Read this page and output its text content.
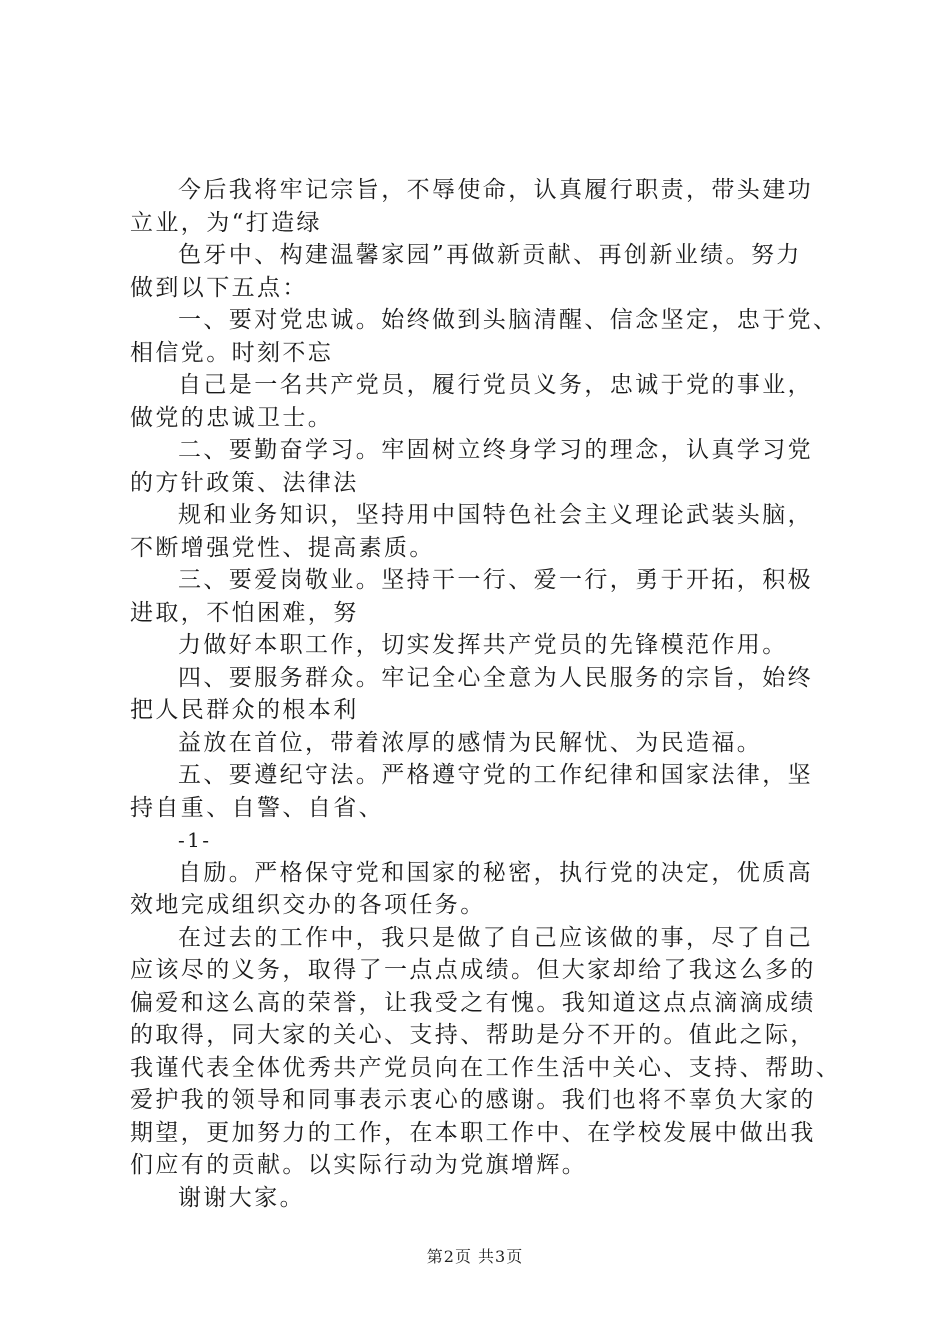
今后我将牢记宗旨，不辱使命，认真履行职责，带头建功

立业，为“打造绿

色牙中、构建温馨家园”再做新贡献、再创新业绩。努力

做到以下五点：

一、要对党忠诚。始终做到头脑清醒、信念坚定，忠于党、

相信党。时刻不忘

自己是一名共产党员，履行党员义务，忠诚于党的事业，

做党的忠诚卫士。

二、要勤奋学习。牢固树立终身学习的理念，认真学习党

的方针政策、法律法

规和业务知识，坚持用中国特色社会主义理论武装头脑，

不断增强党性、提高素质。

三、要爱岗敬业。坚持干一行、爱一行，勇于开拓，积极

进取，不怕困难，努

力做好本职工作，切实发挥共产党员的先锋模范作用。

四、要服务群众。牢记全心全意为人民服务的宗旨，始终

把人民群众的根本利

益放在首位，带着浓厚的感情为民解忧、为民造福。

五、要遵纪守法。严格遵守党的工作纪律和国家法律，坚

持自重、自警、自省、

-1-

自励。严格保守党和国家的秘密，执行党的决定，优质高

效地完成组织交办的各项任务。

在过去的工作中，我只是做了自己应该做的事，尽了自己

应该尽的义务，取得了一点点成绩。但大家却给了我这么多的

偏爱和这么高的荣誉，让我受之有愧。我知道这点点滴滴成绩

的取得，同大家的关心、支持、帮助是分不开的。值此之际，

我谨代表全体优秀共产党员向在工作生活中关心、支持、帮助、

爱护我的领导和同事表示衷心的感谢。我们也将不辜负大家的

期望，更加努力的工作，在本职工作中、在学校发展中做出我

们应有的贡献。以实际行动为党旗增辉。

谢谢大家。

第2页 共3页
